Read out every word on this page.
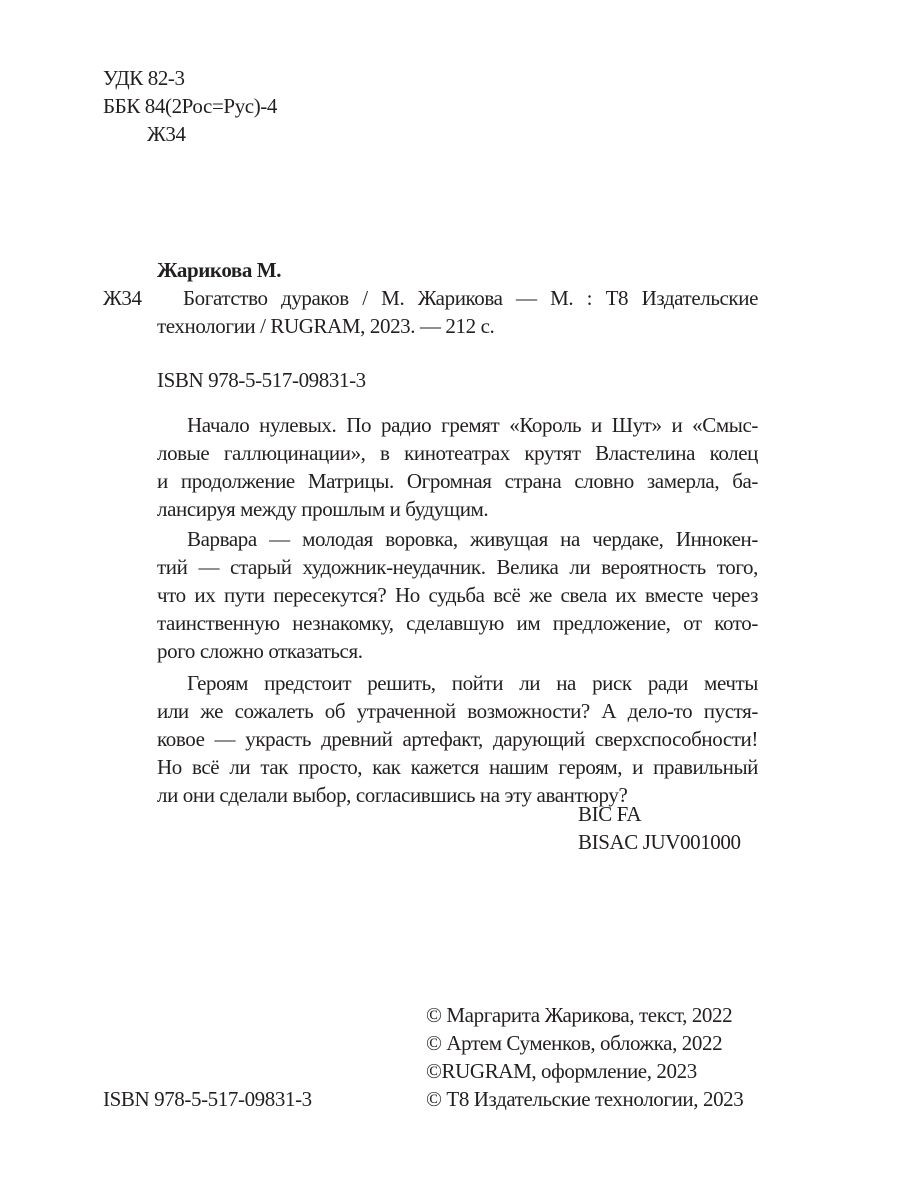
УДК 82-3
ББК 84(2Рос=Рус)-4
Ж34
Жарикова М.
Ж34 Богатство дураков / М. Жарикова — М. : Т8 Издательские
технологии / RUGRAM, 2023. — 212 с.
ISBN 978-5-517-09831-3
Начало нулевых. По радио гремят «Король и Шут» и «Смыс-
ловые галлюцинации», в кинотеатрах крутят Властелина колец
и продолжение Матрицы. Огромная страна словно замерла, ба-
лансируя между прошлым и будущим.
Варвара — молодая воровка, живущая на чердаке, Иннокен-
тий — старый художник-неудачник. Велика ли вероятность того,
что их пути пересекутся? Но судьба всё же свела их вместе через
таинственную незнакомку, сделавшую им предложение, от кото-
рого сложно отказаться.
Героям предстоит решить, пойти ли на риск ради мечты
или же сожалеть об утраченной возможности? А дело-то пустя-
ковое — украсть древний артефакт, дарующий сверхспособности!
Но всё ли так просто, как кажется нашим героям, и правильный
ли они сделали выбор, согласившись на эту авантюру?
BIC FA
BISAC JUV001000
ISBN 978-5-517-09831-3
© Маргарита Жарикова, текст, 2022
© Артем Суменков, обложка, 2022
©RUGRAM, оформление, 2023
© Т8 Издательские технологии, 2023
